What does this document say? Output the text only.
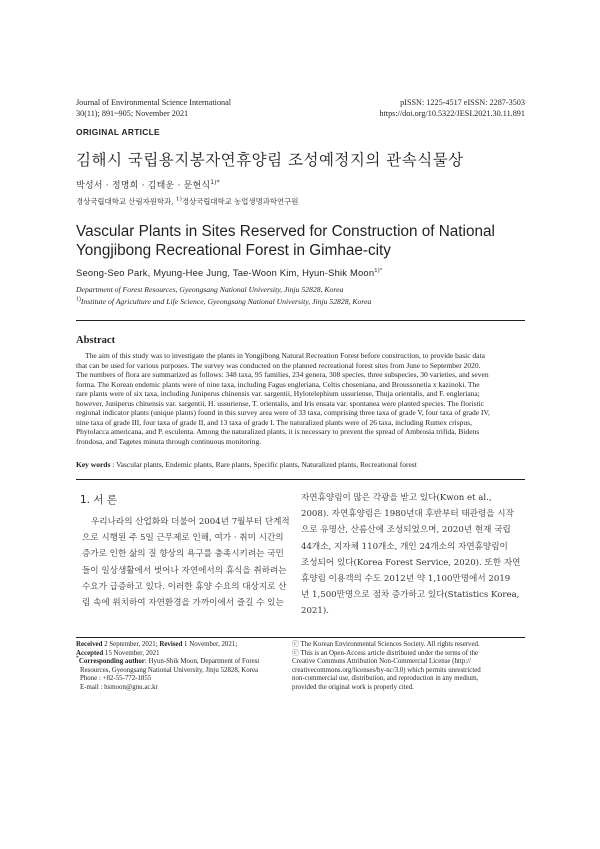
Journal of Environmental Science International
30(11); 891~905; November 2021
pISSN: 1225-4517 eISSN: 2287-3503
https://doi.org/10.5322/JESI.2021.30.11.891
ORIGINAL ARTICLE
김해시 국립용지봉자연휴양림 조성예정지의 관속식물상
박성서 · 정명희 · 김태운 · 문현식$^{1)*}$
경상국립대학교 산림자원학과, $^{1)}$경상국립대학교 농업생명과학연구원
Vascular Plants in Sites Reserved for Construction of National
Yongjibong Recreational Forest in Gimhae-city
Seong-Seo Park, Myung-Hee Jung, Tae-Woon Kim, Hyun-Shik Moon$^{1)*}$
Department of Forest Resources, Gyeongsang National University, Jinju 52828, Korea
$^{1)}$Institute of Agriculture and Life Science, Gyeongsang National University, Jinju 52828, Korea
Abstract
The aim of this study was to investigate the plants in Yongjibong Natural Recreation Forest before construction, to provide basic data
that can be used for various purposes. The survey was conducted on the planned recreational forest sites from June to September 2020.
The numbers of flora are summarized as follows: 348 taxa, 95 families, 234 genera, 308 species, three subspecies, 30 varieties, and seven
forma. The Korean endemic plants were of nine taxa, including Fagus engleriana, Celtis choseniana, and Broussonetia x kazinoki. The
rare plants were of six taxa, including Juniperus chinensis var. sargentii, Hylotelephium ussuriense, Thuja orientalis, and F. engleriana;
however, Juniperus chinensis var. sargentii, H. ussuriense, T. orientalis, and Iris ensata var. spontanea were planted species. The floristic
regional indicator plants (unique plants) found in this survey area were of 33 taxa, comprising three taxa of grade V, four taxa of grade IV,
nine taxa of grade III, four taxa of grade II, and 13 taxa of grade I. The naturalized plants were of 26 taxa, including Rumex crispus,
Phytolacca americana, and P. esculenta. Among the naturalized plants, it is necessary to prevent the spread of Ambrosia trifida, Bidens
frondosa, and Tagetes minuta through continuous monitoring.
Key words : Vascular plants, Endemic plants, Rare plants, Specific plants, Naturalized plants, Recreational forest
1. 서 론
우리나라의 산업화와 더불어 2004년 7월부터 단계적
으로 시행된 주 5일 근무제로 인해, 여가 · 취미 시간의
증가로 인한 삶의 질 향상의 욕구를 충족시키려는 국민
들이 일상생활에서 벗어나 자연에서의 휴식을 취하려는
수요가 급증하고 있다. 이러한 휴양 수요의 대상지로 산
림 속에 위치하여 자연환경을 가까이에서 즐길 수 있는
자연휴양림이 많은 각광을 받고 있다(Kwon et al.,
2008). 자연휴양림은 1980년대 후반부터 태관령을 시작
으로 유명산, 산름산에 조성되었으며, 2020년 현재 국립
44개소, 지자체 110개소, 개인 24개소의 자연휴양림이
조성되어 있다(Korea Forest Service, 2020). 또한 자연
휴양림 이용객의 수도 2012년 약 1,100만명에서 2019
년 1,500만명으로 점차 증가하고 있다(Statistics Korea,
2021).
Received 2 September, 2021; Revised 1 November, 2021;
Accepted 15 November, 2021
*Corresponding author: Hyun-Shik Moon, Department of Forest
Resources, Gyeongsang National University, Jinju 52828, Korea
Phone : +82-55-772-1855
E-mail : hsmoon@gnu.ac.kr
ⓒ The Korean Environmental Sciences Society. All rights reserved.
ⓒ This is an Open-Access article distributed under the terms of the
Creative Commons Attribution Non-Commercial License (http://
creativecommons.org/licenses/by-nc/3.0) which permits unrestricted
non-commercial use, distribution, and reproduction in any medium,
provided the original work is properly cited.
